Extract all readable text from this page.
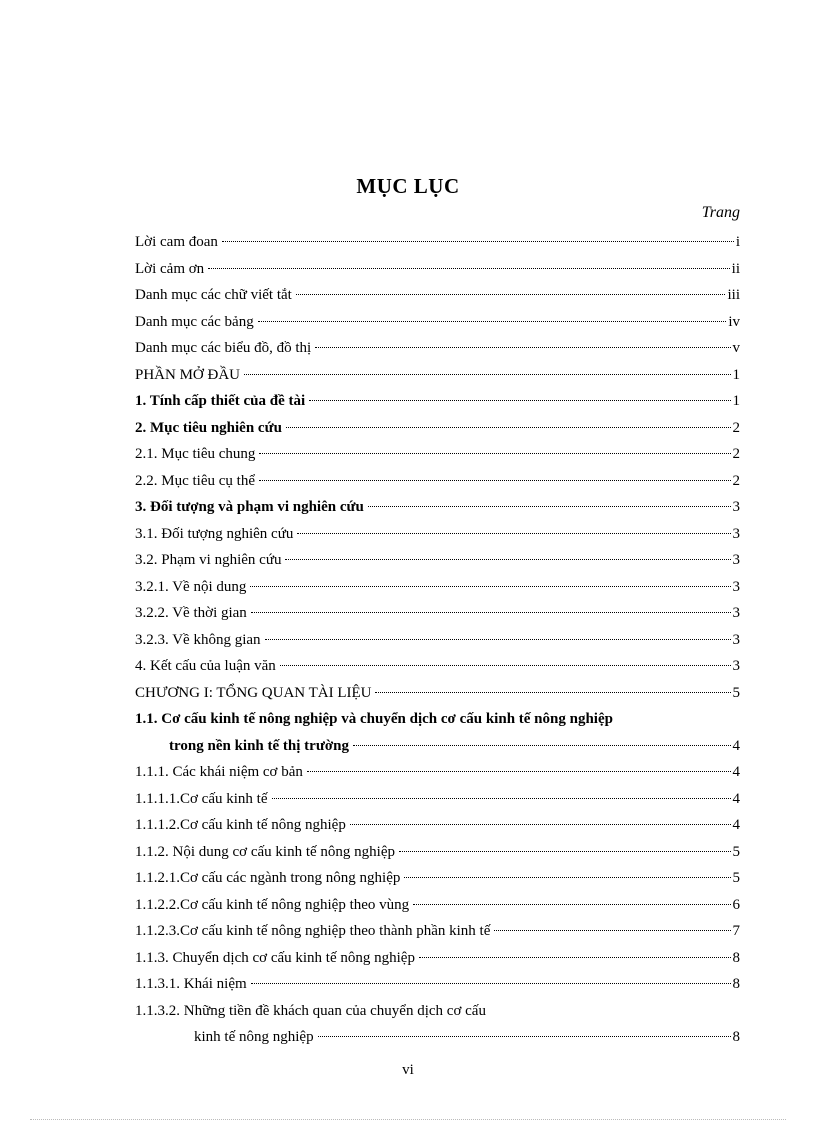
MỤC LỤC
Trang
Lời cam đoan	i
Lời cảm ơn	ii
Danh mục các chữ viết tắt	iii
Danh mục các bảng	iv
Danh mục các biểu đồ, đồ thị	v
PHẦN MỞ ĐẦU	1
1. Tính cấp thiết của đề tài	1
2. Mục tiêu nghiên cứu	2
2.1. Mục tiêu chung	2
2.2. Mục tiêu cụ thể	2
3. Đối tượng và phạm vi nghiên cứu	3
3.1. Đối tượng nghiên cứu	3
3.2. Phạm vi nghiên cứu	3
3.2.1. Về nội dung	3
3.2.2. Về thời gian	3
3.2.3. Về không gian	3
4. Kết cấu của luận văn	3
CHƯƠNG I: TỔNG QUAN TÀI LIỆU	5
1.1. Cơ cấu kinh tế nông nghiệp và chuyển dịch cơ cấu kinh tế nông nghiệp
trong nền kinh tế thị trường	4
1.1.1. Các khái niệm cơ bản	4
1.1.1.1.Cơ cấu kinh tế	4
1.1.1.2.Cơ cấu kinh tế nông nghiệp	4
1.1.2. Nội dung cơ cấu kinh tế nông nghiệp	5
1.1.2.1.Cơ cấu các ngành trong nông nghiệp	5
1.1.2.2.Cơ cấu kinh tế nông nghiệp theo vùng	6
1.1.2.3.Cơ cấu kinh tế nông nghiệp theo thành phần kinh tế	7
1.1.3. Chuyển dịch cơ cấu kinh tế nông nghiệp	8
1.1.3.1. Khái niệm	8
1.1.3.2. Những tiền đề khách quan của chuyển dịch cơ cấu
kinh tế nông nghiệp	8
vi
